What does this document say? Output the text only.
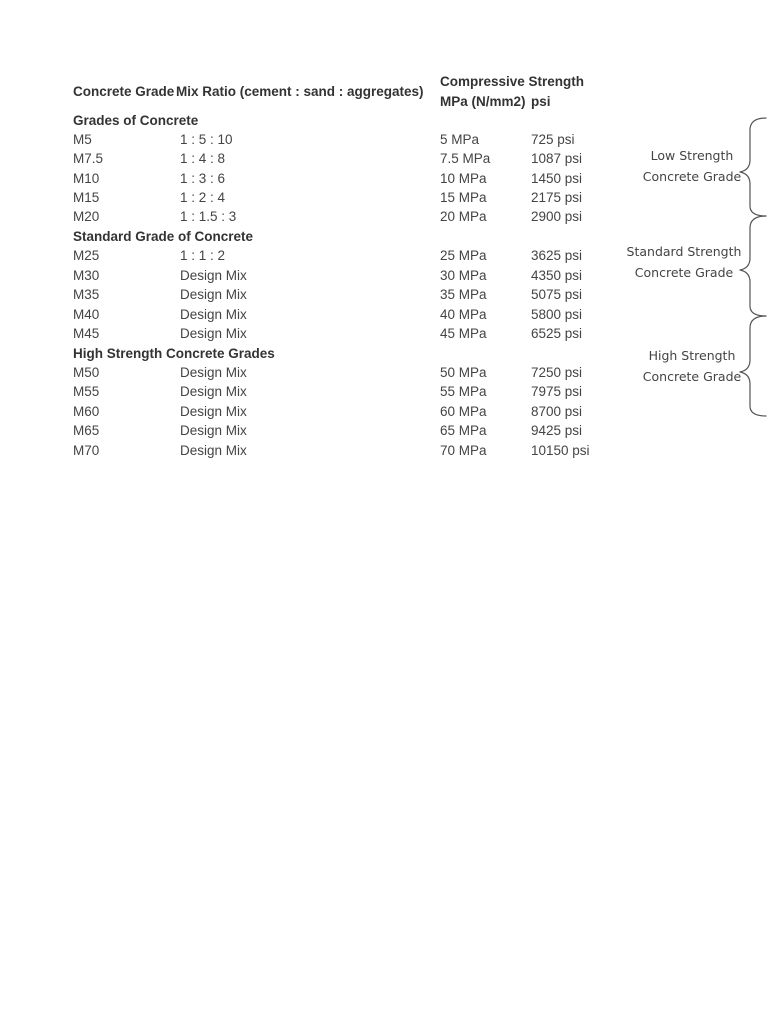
Concrete Grade Mix Ratio (cement : sand : aggregates)
Compressive Strength
MPa (N/mm2) psi
Grades of Concrete
M5	1 : 5 : 10	5 MPa	725 psi
M7.5	1 : 4 : 8	7.5 MPa	1087 psi
M10	1 : 3 : 6	10 MPa	1450 psi
M15	1 : 2 : 4	15 MPa	2175 psi
M20	1 : 1.5 : 3	20 MPa	2900 psi
Standard Grade of Concrete
M25	1 : 1 : 2	25 MPa	3625 psi
M30	Design Mix	30 MPa	4350 psi
M35	Design Mix	35 MPa	5075 psi
M40	Design Mix	40 MPa	5800 psi
M45	Design Mix	45 MPa	6525 psi
High Strength Concrete Grades
M50	Design Mix	50 MPa	7250 psi
M55	Design Mix	55 MPa	7975 psi
M60	Design Mix	60 MPa	8700 psi
M65	Design Mix	65 MPa	9425 psi
M70	Design Mix	70 MPa	10150 psi
Low Strength
Concrete Grade
Standard Strength
Concrete Grade
High Strength
Concrete Grade
